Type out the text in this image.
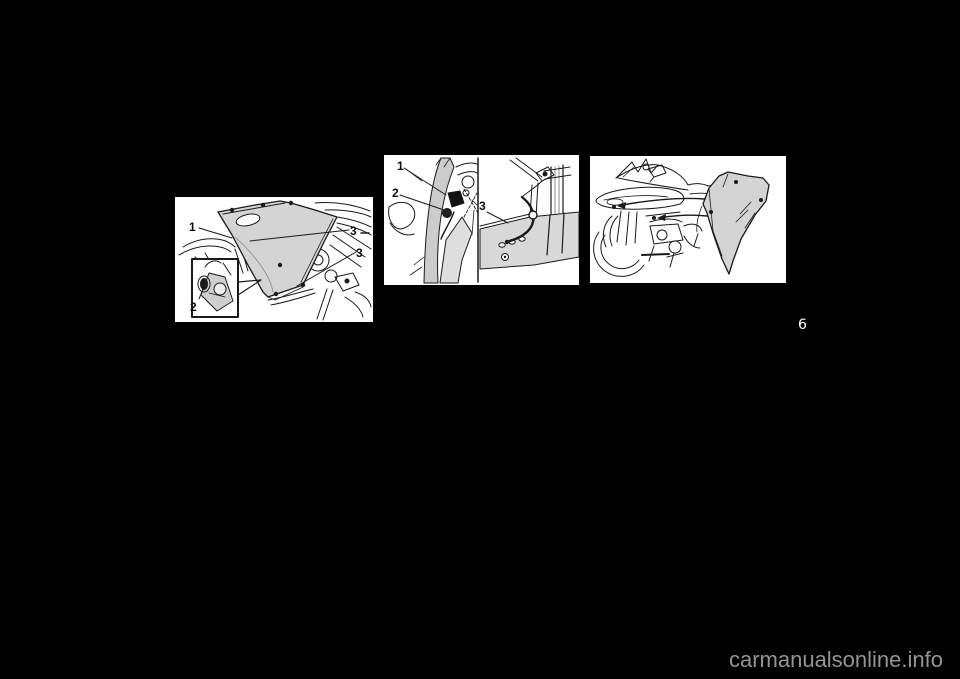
1
2
3
3
1
2
3
6
carmanualsonline.info
